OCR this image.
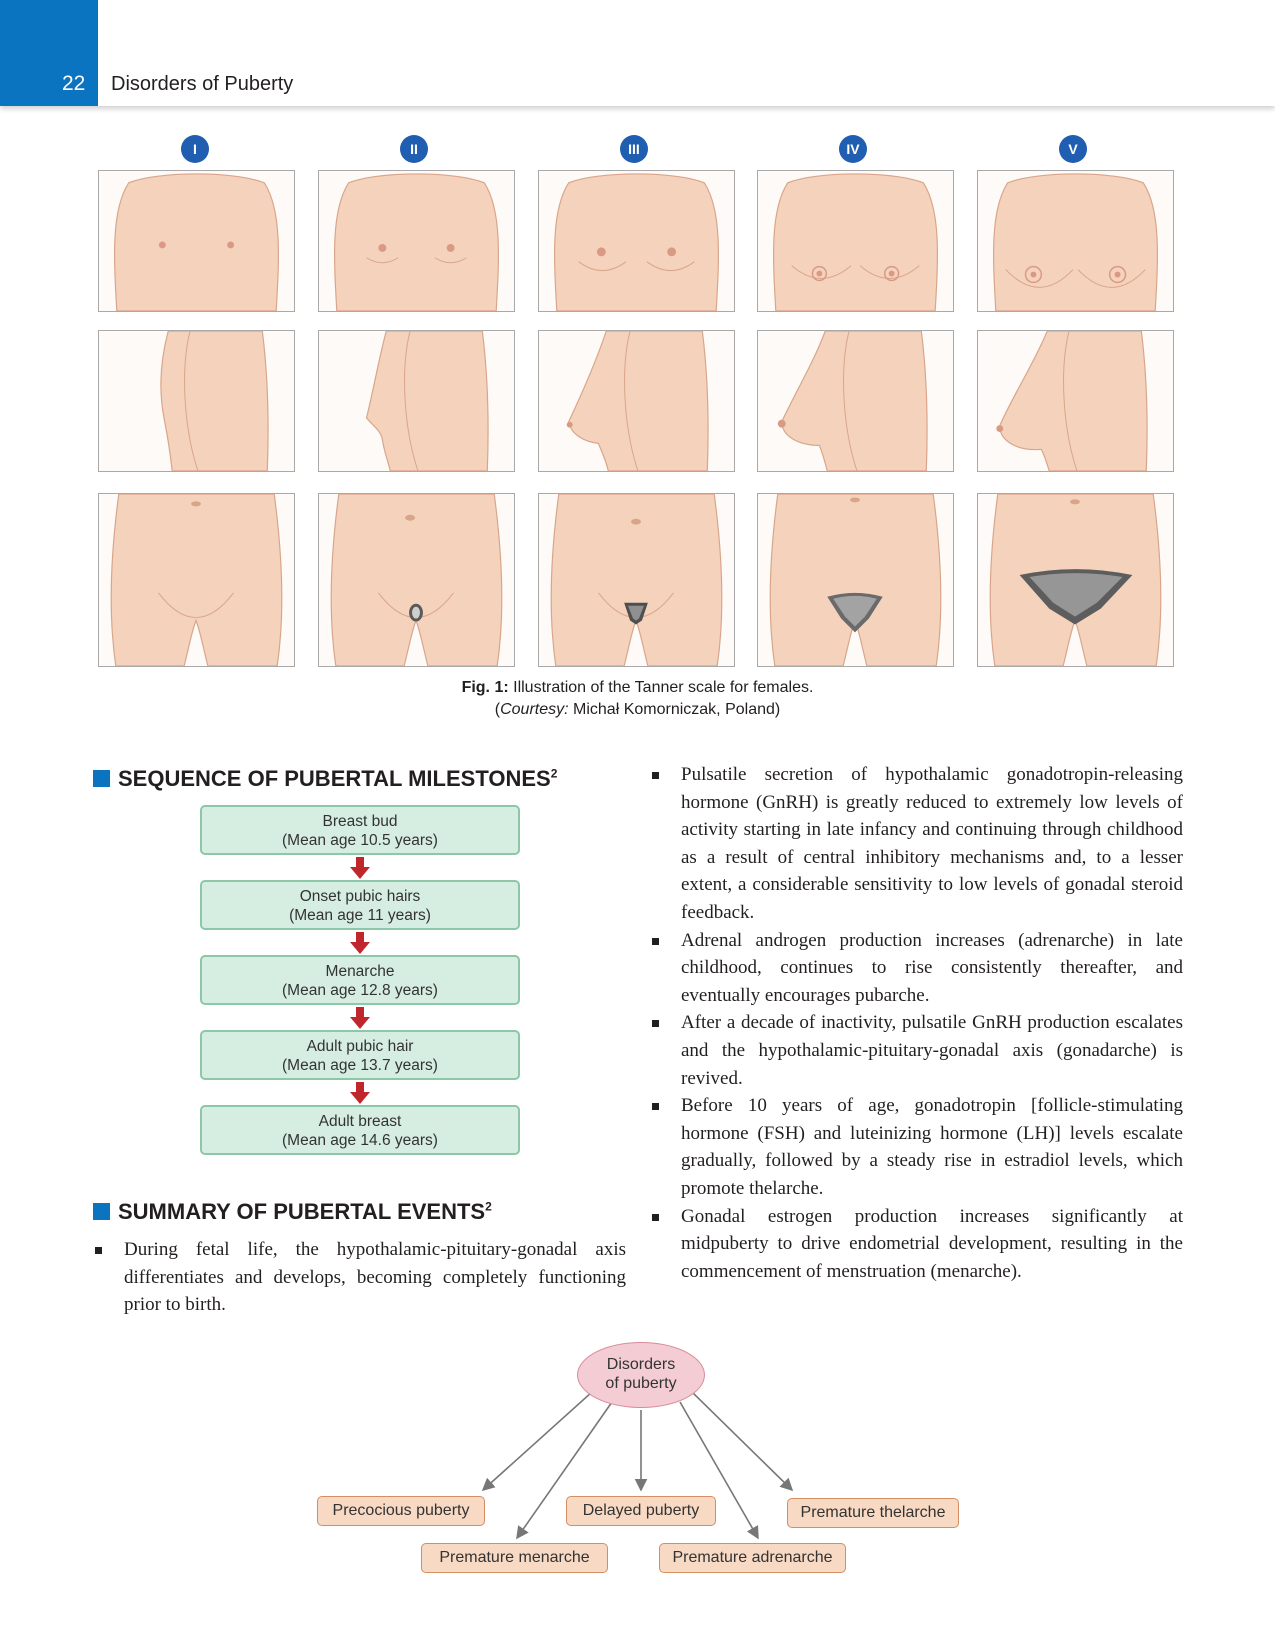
22 Disorders of Puberty
I	II	III	IV	V
Fig. 1: Illustration of the Tanner scale for females.
(Courtesy: Michał Komorniczak, Poland)
SEQUENCE OF PUBERTAL MILESTONES$^2$
Breast bud
(Mean age 10.5 years)
Onset pubic hairs
(Mean age 11 years)
Menarche
(Mean age 12.8 years)
Adult pubic hair
(Mean age 13.7 years)
Adult breast
(Mean age 14.6 years)
SUMMARY OF PUBERTAL EVENTS$^2$
During fetal life, the hypothalamic-pituitary-gonadal axis differentiates and develops, becoming completely functioning prior to birth.
Pulsatile secretion of hypothalamic gonadotropin-releasing hormone (GnRH) is greatly reduced to extremely low levels of activity starting in late infancy and continuing through childhood as a result of central inhibitory mechanisms and, to a lesser extent, a considerable sensitivity to low levels of gonadal steroid feedback.
Adrenal androgen production increases (adrenarche) in late childhood, continues to rise consistently thereafter, and eventually encourages pubarche.
After a decade of inactivity, pulsatile GnRH production escalates and the hypothalamic-pituitary-gonadal axis (gonadarche) is revived.
Before 10 years of age, gonadotropin [follicle-stimulating hormone (FSH) and luteinizing hormone (LH)] levels escalate gradually, followed by a steady rise in estradiol levels, which promote thelarche.
Gonadal estrogen production increases significantly at midpuberty to drive endometrial development, resulting in the commencement of menstruation (menarche).
Disorders
of puberty
Precocious puberty	Delayed puberty	Premature thelarche
Premature menarche	Premature adrenarche
